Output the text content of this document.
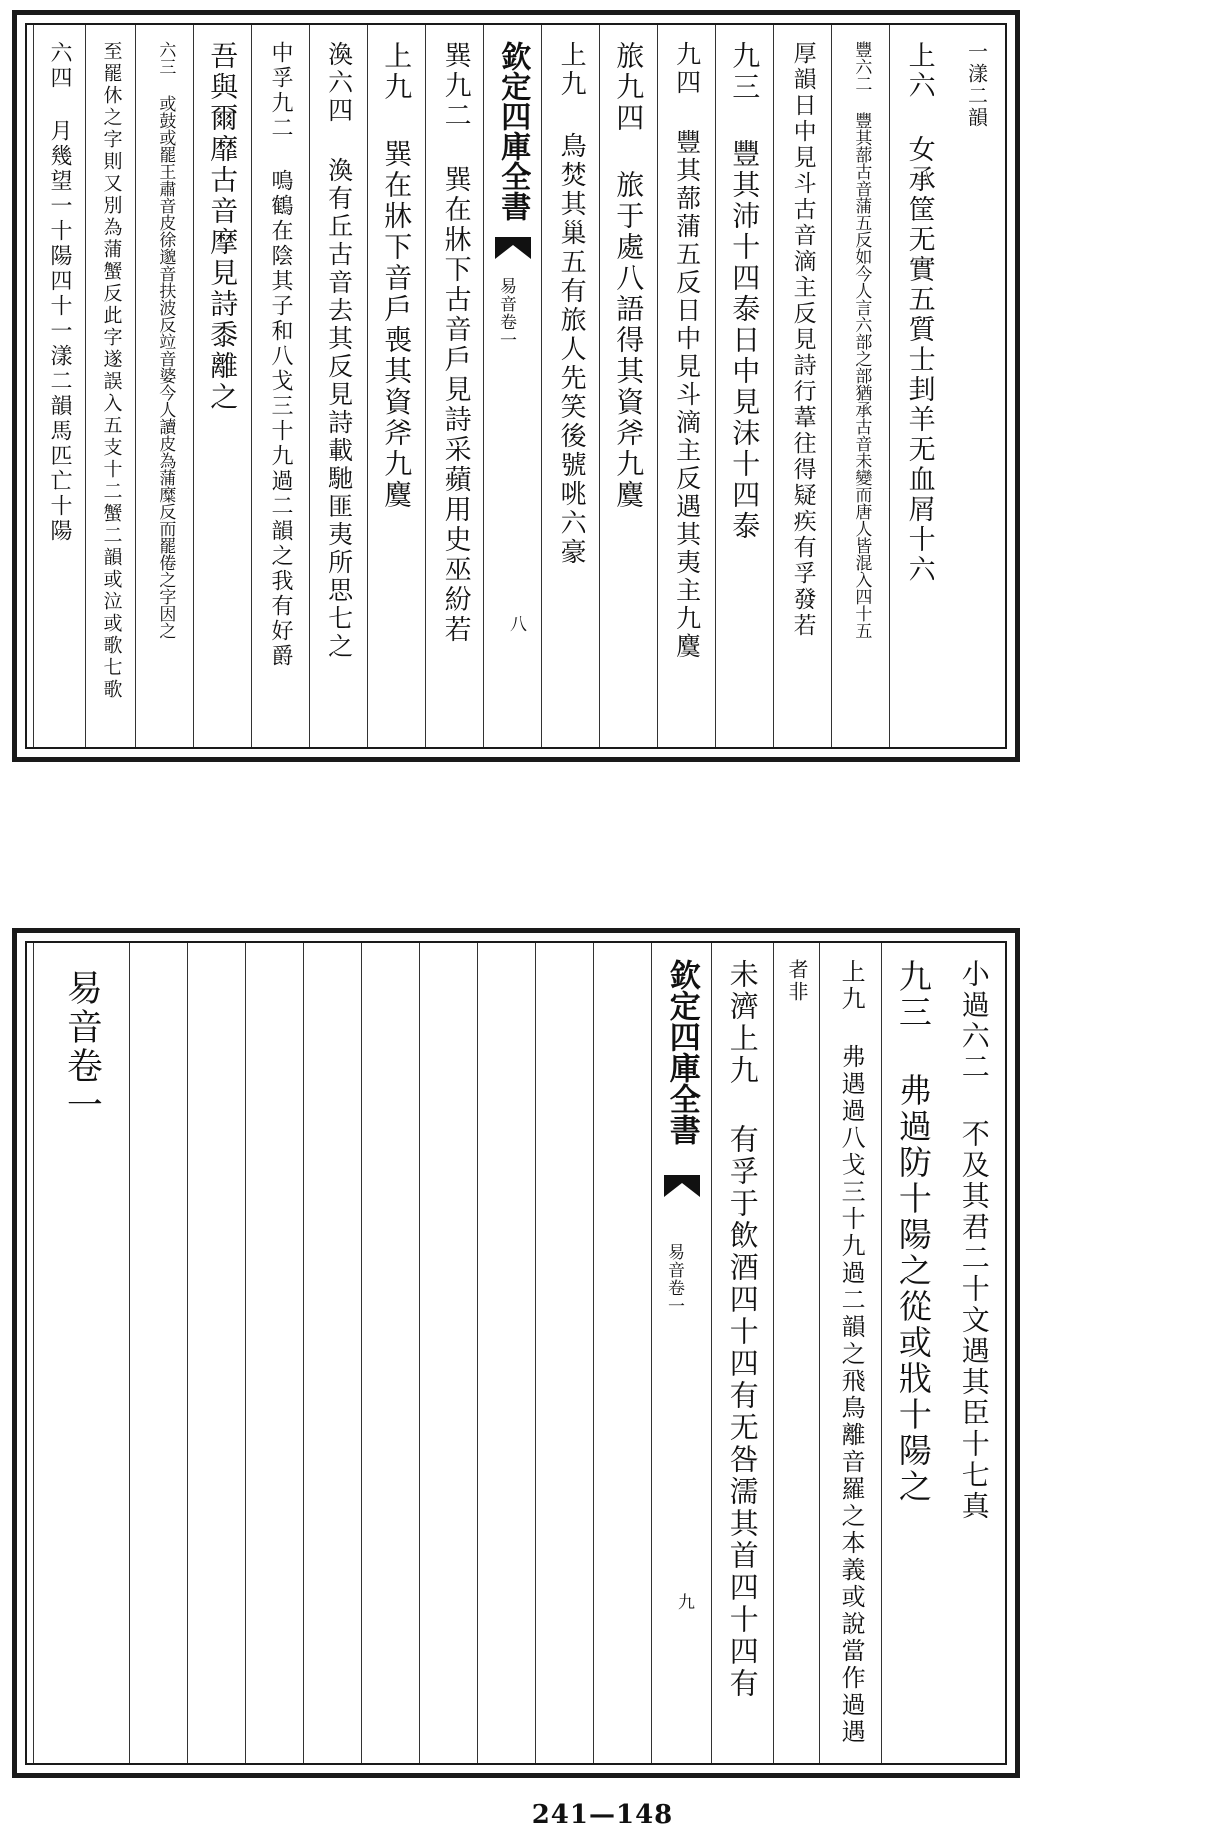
一漾二韻
上六 女承筐无實五質士刲羊无血屑十六
豐六二 豐其蔀古音蒲五反如今人言六部之部猶承古音未變而唐人皆混入四十五
厚韻日中見斗古音滴主反見詩行葦往得疑疾有孚發若
九三 豐其沛十四泰日中見沫十四泰
九四 豐其蔀蒲五反日中見斗滴主反遇其夷主九麌
旅九四 旅于處八語得其資斧九麌
上九 鳥焚其巢五有旅人先笑後號咷六豪
欽定四庫全書
易音卷一
八
巽九二 巽在牀下古音戶見詩采蘋用史巫紛若
上九 巽在牀下音戶喪其資斧九麌
渙六四 渙有丘古音去其反見詩載馳匪夷所思七之
中孚九二 鳴鶴在陰其子和八戈三十九過二韻之我有好爵
吾與爾靡古音摩見詩黍離之
六三 或鼓或罷王肅音皮徐邈音扶波反竝音婆今人讀皮為蒲糜反而罷倦之字因之
至罷休之字則又別為蒲蟹反此字遂誤入五支十二蟹二韻或泣或歌七歌
六四 月幾望一十陽四十一漾二韻馬匹亡十陽
小過六二 不及其君二十文遇其臣十七真
九三 弗過防十陽之從或戕十陽之
上九 弗遇過八戈三十九過二韻之飛鳥離音羅之本義或說當作過遇
者非
未濟上九 有孚于飲酒四十四有无咎濡其首四十四有
欽定四庫全書
易音卷一
九
易音卷一
241—148
